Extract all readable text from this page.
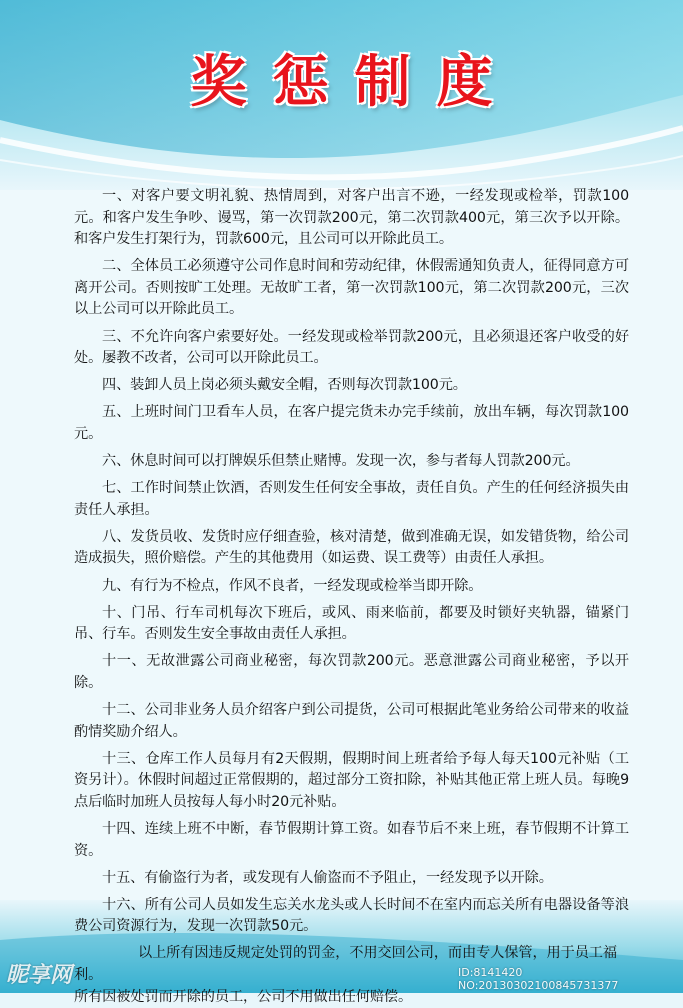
奖惩制度

一、对客户要文明礼貌、热情周到，对客户出言不逊，一经发现或检举，罚款100元。和客户发生争吵、谩骂，第一次罚款200元，第二次罚款400元，第三次予以开除。和客户发生打架行为，罚款600元，且公司可以开除此员工。

二、全体员工必须遵守公司作息时间和劳动纪律，休假需通知负责人，征得同意方可离开公司。否则按旷工处理。无故旷工者，第一次罚款100元，第二次罚款200元，三次以上公司可以开除此员工。

三、不允许向客户索要好处。一经发现或检举罚款200元，且必须退还客户收受的好处。屡教不改者，公司可以开除此员工。

四、装卸人员上岗必须头戴安全帽，否则每次罚款100元。

五、上班时间门卫看车人员，在客户提完货未办完手续前，放出车辆，每次罚款100元。

六、休息时间可以打牌娱乐但禁止赌博。发现一次，参与者每人罚款200元。

七、工作时间禁止饮酒，否则发生任何安全事故，责任自负。产生的任何经济损失由责任人承担。

八、发货员收、发货时应仔细查验，核对清楚，做到准确无误，如发错货物，给公司造成损失，照价赔偿。产生的其他费用（如运费、误工费等）由责任人承担。

九、有行为不检点，作风不良者，一经发现或检举当即开除。

十、门吊、行车司机每次下班后，或风、雨来临前，都要及时锁好夹轨器，锚紧门吊、行车。否则发生安全事故由责任人承担。

十一、无故泄露公司商业秘密，每次罚款200元。恶意泄露公司商业秘密，予以开除。

十二、公司非业务人员介绍客户到公司提货，公司可根据此笔业务给公司带来的收益酌情奖励介绍人。

十三、仓库工作人员每月有2天假期，假期时间上班者给予每人每天100元补贴（工资另计）。休假时间超过正常假期的，超过部分工资扣除，补贴其他正常上班人员。每晚9点后临时加班人员按每人每小时20元补贴。

十四、连续上班不中断，春节假期计算工资。如春节后不来上班，春节假期不计算工资。

十五、有偷盗行为者，或发现有人偷盗而不予阻止，一经发现予以开除。

十六、所有公司人员如发生忘关水龙头或人长时间不在室内而忘关所有电器设备等浪费公司资源行为，发现一次罚款50元。

以上所有因违反规定处罚的罚金，不用交回公司，而由专人保管，用于员工福利。
所有因被处罚而开除的员工，公司不用做出任何赔偿。

昵享网	ID:8141420 NO:20130302100845731377
